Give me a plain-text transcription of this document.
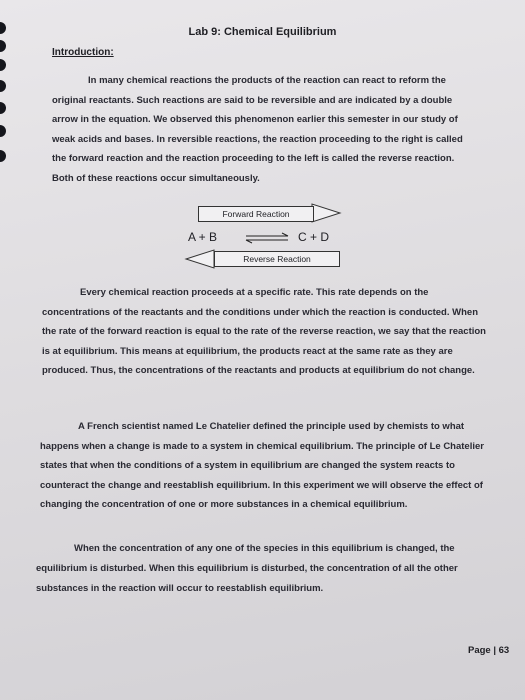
Lab 9: Chemical Equilibrium
Introduction:

In many chemical reactions the products of the reaction can react to reform the original reactants. Such reactions are said to be reversible and are indicated by a double arrow in the equation. We observed this phenomenon earlier this semester in our study of weak acids and bases. In reversible reactions, the reaction proceeding to the right is called the forward reaction and the reaction proceeding to the left is called the reverse reaction. Both of these reactions occur simultaneously.

Forward Reaction
A + B	C + D
Reverse Reaction

Every chemical reaction proceeds at a specific rate. This rate depends on the concentrations of the reactants and the conditions under which the reaction is conducted. When the rate of the forward reaction is equal to the rate of the reverse reaction, we say that the reaction is at equilibrium. This means at equilibrium, the products react at the same rate as they are produced. Thus, the concentrations of the reactants and products at equilibrium do not change.

A French scientist named Le Chatelier defined the principle used by chemists to what happens when a change is made to a system in chemical equilibrium. The principle of Le Chatelier states that when the conditions of a system in equilibrium are changed the system reacts to counteract the change and reestablish equilibrium. In this experiment we will observe the effect of changing the concentration of one or more substances in a chemical equilibrium.

When the concentration of any one of the species in this equilibrium is changed, the equilibrium is disturbed. When this equilibrium is disturbed, the concentration of all the other substances in the reaction will occur to reestablish equilibrium.

Page | 63
